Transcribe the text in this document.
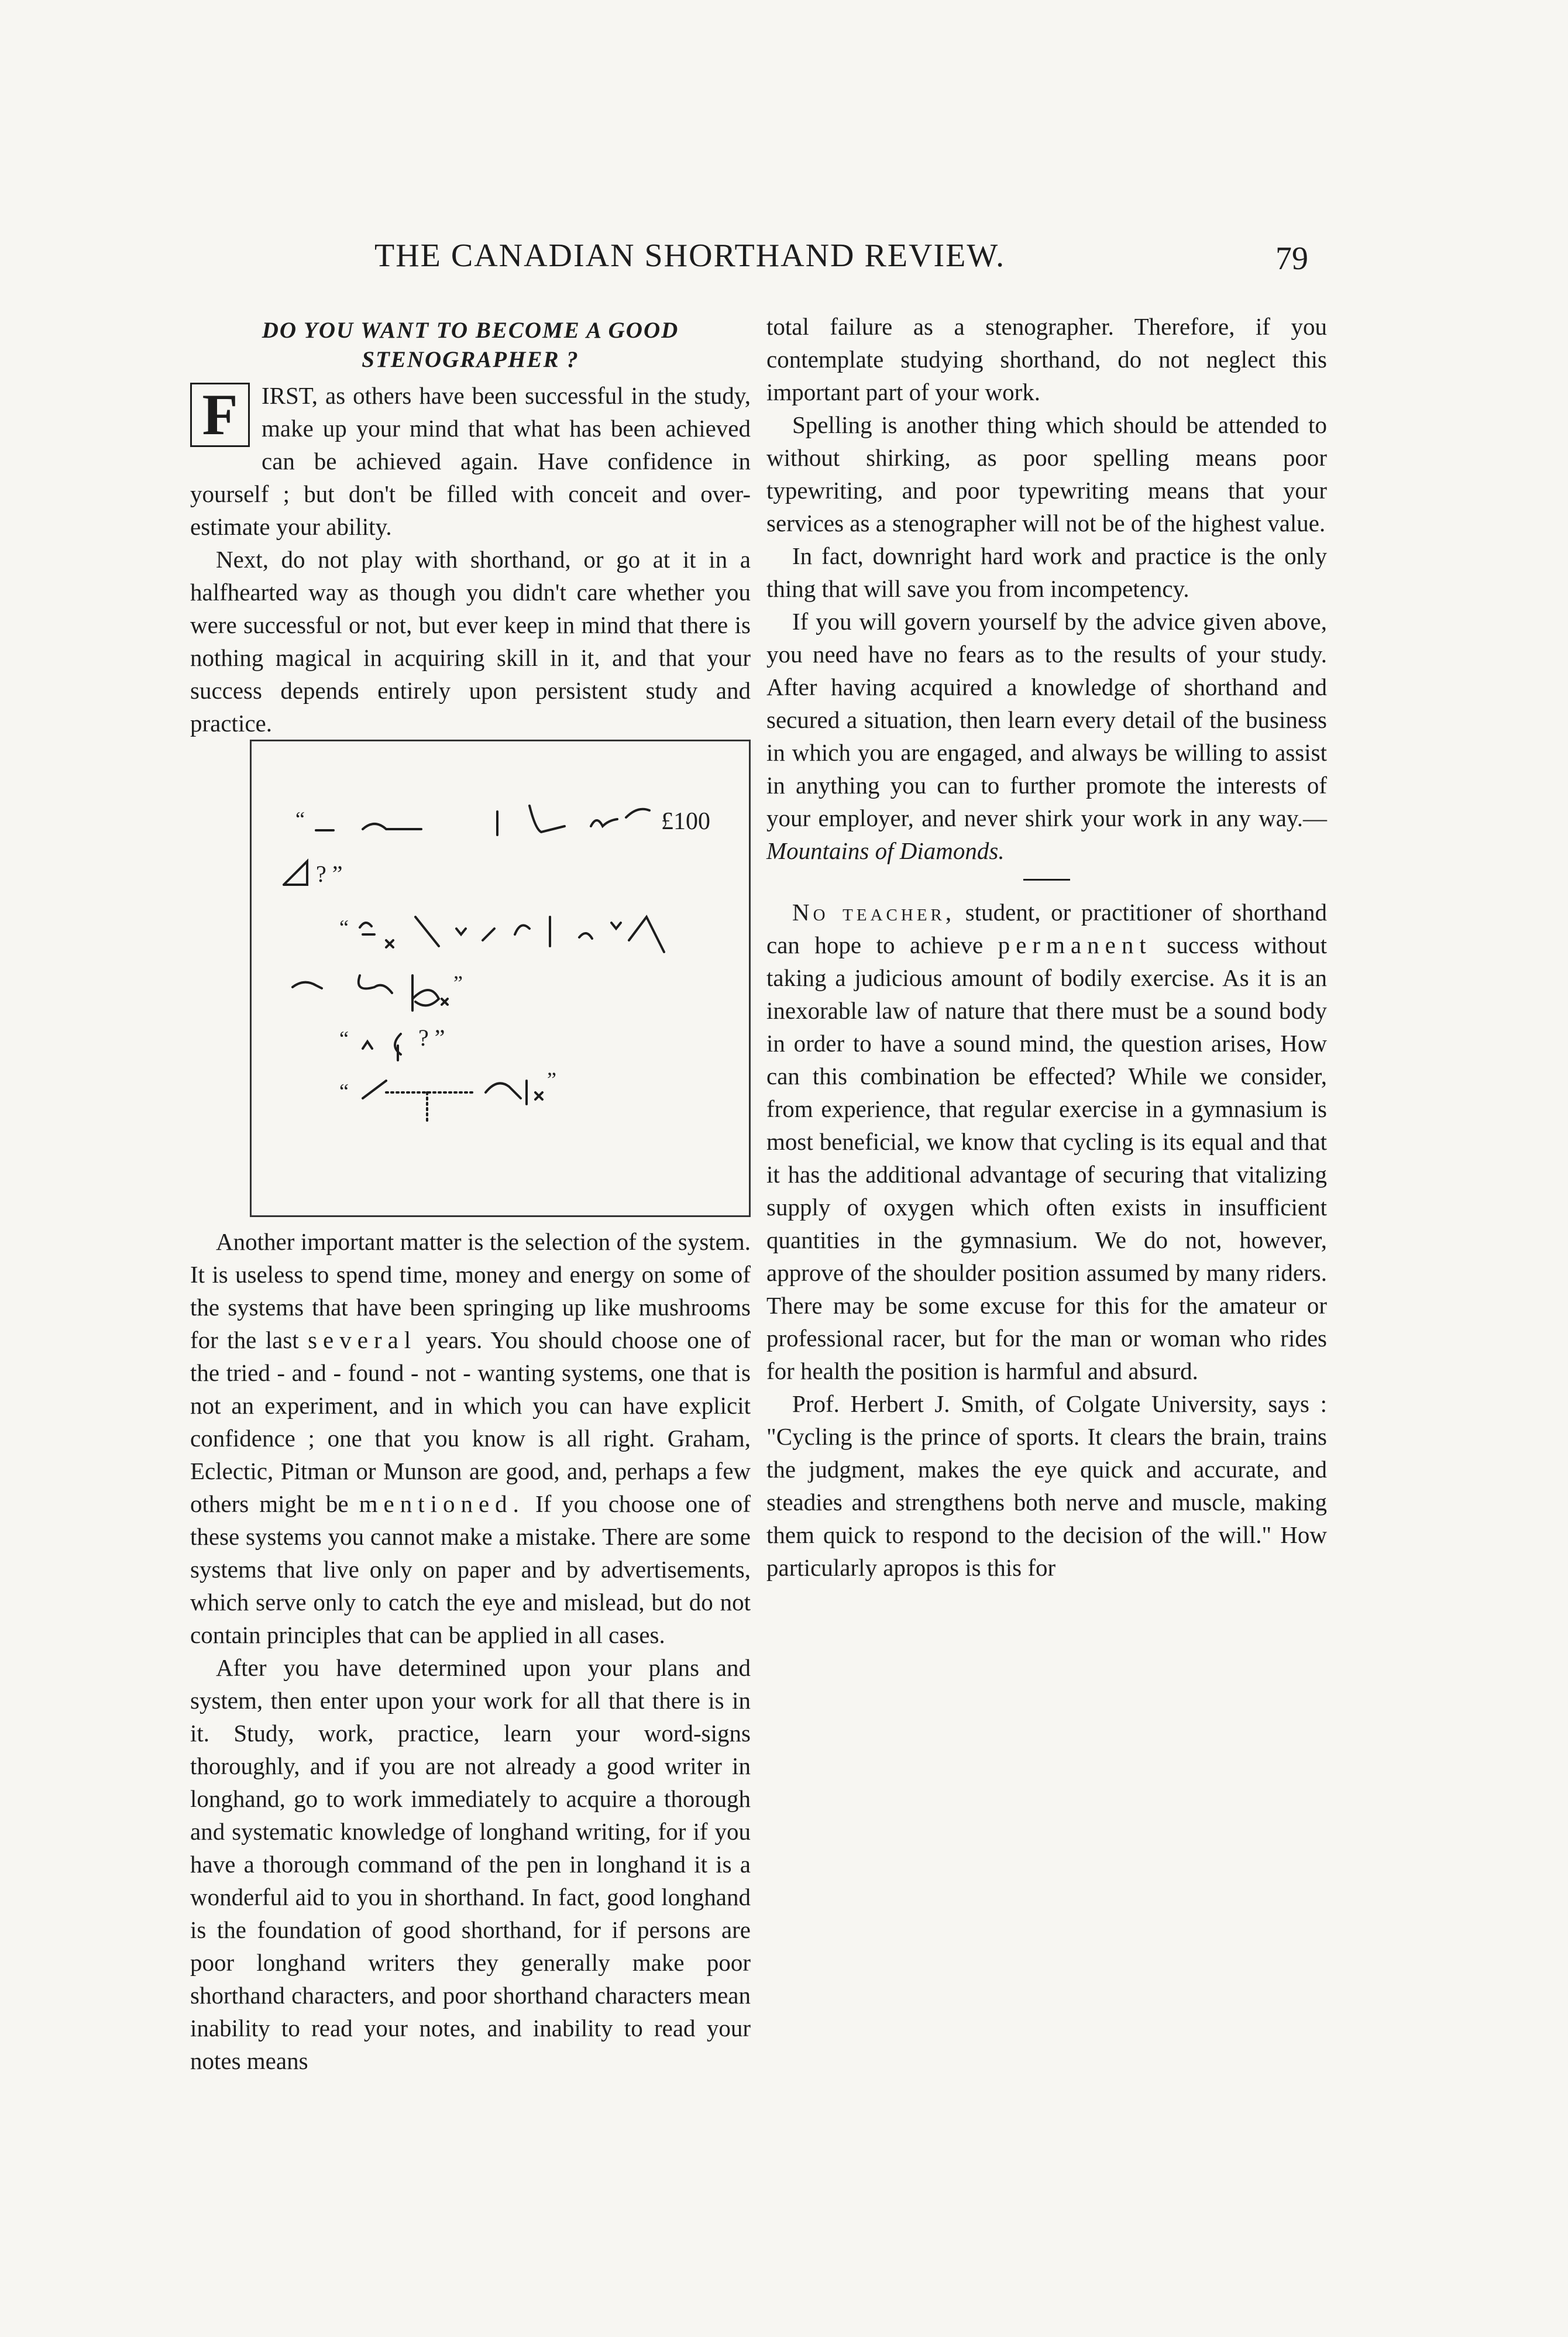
THE CANADIAN SHORTHAND REVIEW.	79
DO YOU WANT TO BECOME A GOOD
STENOGRAPHER ?

F IRST, as others have been successful in the study, make up your mind that what has been achieved can be achieved again. Have confidence in yourself ; but don't be filled with conceit and over-estimate your ability.

Next, do not play with shorthand, or go at it in a halfhearted way as though you didn't care whether you were successful or not, but ever keep in mind that there is nothing magical in acquiring skill in it, and that your success depends entirely upon persistent study and practice.

“
? ”
“
”
“	? ”
“	”
£100
Another important matter is the selection of the system. It is useless to spend time, money and energy on some of the systems that have been springing up like mushrooms for the last several years. You should choose one of the tried - and - found - not - wanting systems, one that is not an experiment, and in which you can have explicit confidence ; one that you know is all right. Graham, Eclectic, Pitman or Munson are good, and, perhaps a few others might be mentioned. If you choose one of these systems you cannot make a mistake. There are some systems that live only on paper and by advertisements, which serve only to catch the eye and mislead, but do not contain principles that can be applied in all cases.

After you have determined upon your plans and system, then enter upon your work for all that there is in it. Study, work, practice, learn your word-signs thoroughly, and if you are not already a good writer in longhand, go to work immediately to acquire a thorough and systematic knowledge of longhand writing, for if you have a thorough command of the pen in longhand it is a wonderful aid to you in shorthand. In fact, good longhand is the foundation of good shorthand, for if persons are poor longhand writers they generally make poor shorthand characters, and poor shorthand characters mean inability to read your notes, and inability to read your notes means

total failure as a stenographer. Therefore, if you contemplate studying shorthand, do not neglect this important part of your work.

Spelling is another thing which should be attended to without shirking, as poor spelling means poor typewriting, and poor typewriting means that your services as a stenographer will not be of the highest value.

In fact, downright hard work and practice is the only thing that will save you from incompetency.

If you will govern yourself by the advice given above, you need have no fears as to the results of your study. After having acquired a knowledge of shorthand and secured a situation, then learn every detail of the business in which you are engaged, and always be willing to assist in anything you can to further promote the interests of your employer, and never shirk your work in any way.—Mountains of Diamonds.

No teacher, student, or practitioner of shorthand can hope to achieve permanent success without taking a judicious amount of bodily exercise. As it is an inexorable law of nature that there must be a sound body in order to have a sound mind, the question arises, How can this combination be effected? While we consider, from experience, that regular exercise in a gymnasium is most beneficial, we know that cycling is its equal and that it has the additional advantage of securing that vitalizing supply of oxygen which often exists in insufficient quantities in the gymnasium. We do not, however, approve of the shoulder position assumed by many riders. There may be some excuse for this for the amateur or professional racer, but for the man or woman who rides for health the position is harmful and absurd.

Prof. Herbert J. Smith, of Colgate University, says : "Cycling is the prince of sports. It clears the brain, trains the judgment, makes the eye quick and accurate, and steadies and strengthens both nerve and muscle, making them quick to respond to the decision of the will." How particularly apropos is this for
